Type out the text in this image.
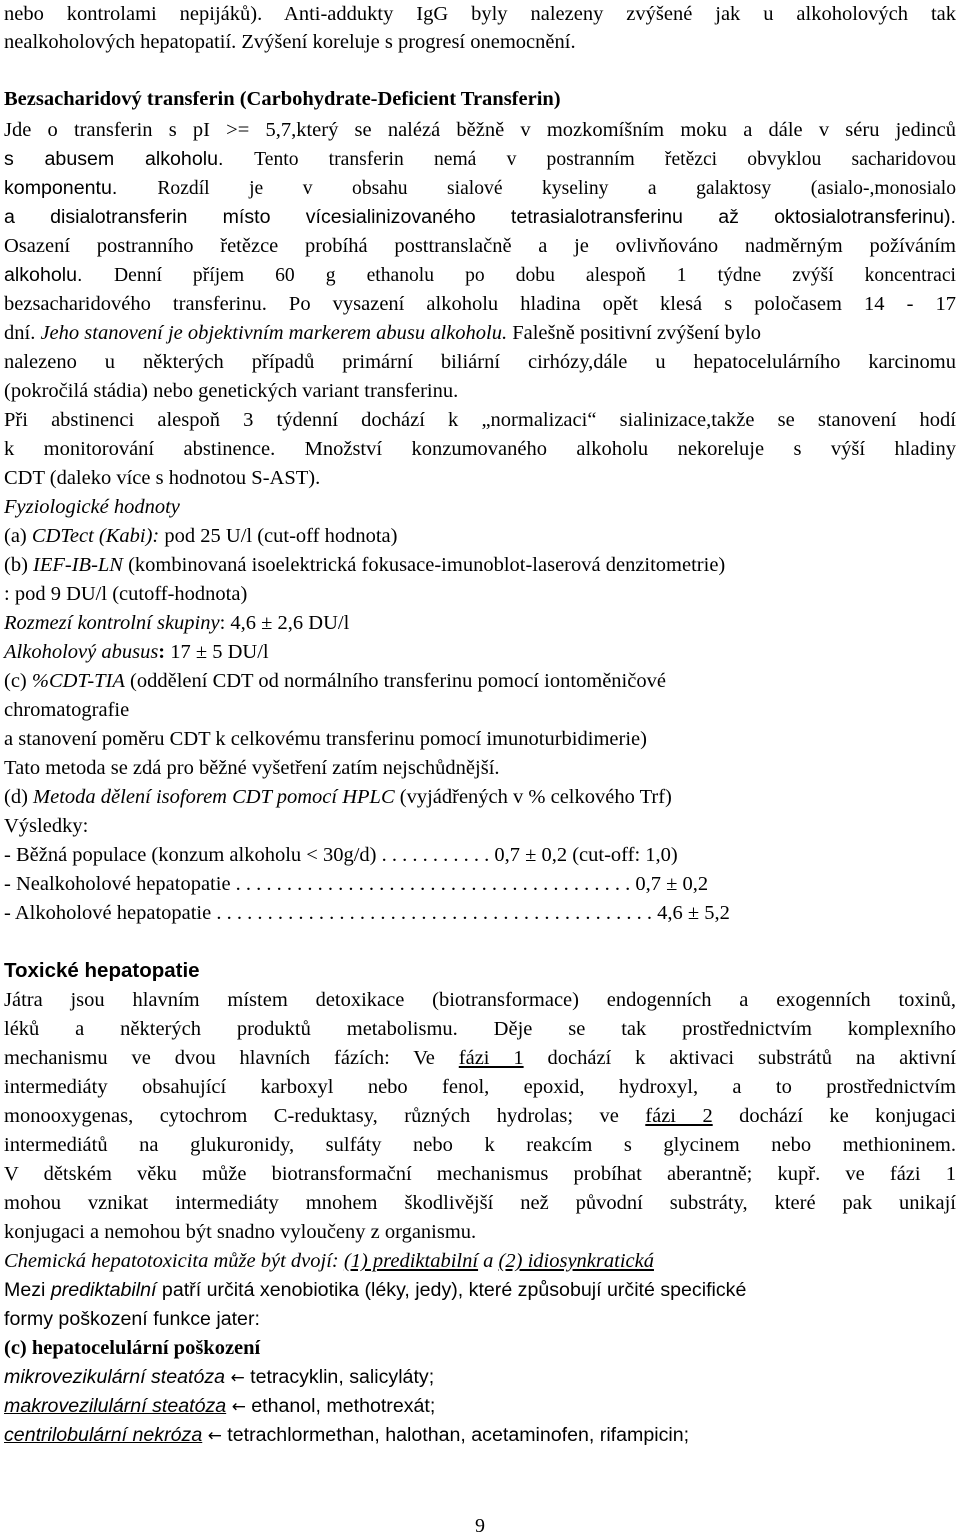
nebo kontrolami nepijáků). Anti-addukty IgG byly nalezeny zvýšené jak u alkoholových tak
nealkoholových hepatopatií. Zvýšení koreluje s progresí onemocnění.
Bezsacharidový transferin (Carbohydrate-Deficient Transferin)
Jde o transferin s pI >= 5,7,který se nalézá běžně v mozkomíšním moku a dále v séru jedinců
s abusem alkoholu. Tento transferin nemá v postranním řetězci obvyklou sacharidovou
komponentu. Rozdíl je v obsahu sialové kyseliny a galaktosy (asialo-,monosialo
a disialotransferin místo vícesialinizovaného tetrasialotransferinu až oktosialotransferinu).
Osazení postranního řetězce probíhá posttranslačně a je ovlivňováno nadměrným požíváním
alkoholu. Denní příjem 60 g ethanolu po dobu alespoň 1 týdne zvýší koncentraci
bezsacharidového transferinu. Po vysazení alkoholu hladina opět klesá s poločasem 14 - 17
dní. Jeho stanovení je objektivním markerem abusu alkoholu. Falešně positivní zvýšení bylo
nalezeno u některých případů primární biliární cirhózy,dále u hepatocelulárního karcinomu
(pokročilá stádia) nebo genetických variant transferinu.
Při abstinenci alespoň 3 týdenní dochází k „normalizaci“ sialinizace,takže se stanovení hodí
k monitorování abstinence. Množství konzumovaného alkoholu nekoreluje s výší hladiny
CDT (daleko více s hodnotou S-AST).
Fyziologické hodnoty
(a) CDTect (Kabi): pod 25 U/l (cut-off hodnota)
(b) IEF-IB-LN (kombinovaná isoelektrická fokusace-imunoblot-laserová denzitometrie)
: pod 9 DU/l (cutoff-hodnota)
Rozmezí kontrolní skupiny: 4,6 ± 2,6 DU/l
Alkoholový abusus: 17 ± 5 DU/l
(c) %CDT-TIA (oddělení CDT od normálního transferinu pomocí iontoměničové
chromatografie
a stanovení poměru CDT k celkovému transferinu pomocí imunoturbidimerie)
Tato metoda se zdá pro běžné vyšetření zatím nejschůdnější.
(d) Metoda dělení isoforem CDT pomocí HPLC (vyjádřených v % celkového Trf)
Výsledky:
- Běžná populace (konzum alkoholu < 30g/d) . . . . . . . . . . . 0,7 ± 0,2 (cut-off: 1,0)
- Nealkoholové hepatopatie . . . . . . . . . . . . . . . . . . . . . . . . . . . . . . . . . . . . . . . 0,7 ± 0,2
- Alkoholové hepatopatie . . . . . . . . . . . . . . . . . . . . . . . . . . . . . . . . . . . . . . . . . . . 4,6 ± 5,2
Toxické hepatopatie
Játra jsou hlavním místem detoxikace (biotransformace) endogenních a exogenních toxinů,
léků a některých produktů metabolismu. Děje se tak prostřednictvím komplexního
mechanismu ve dvou hlavních fázích: Ve fázi 1 dochází k aktivaci substrátů na aktivní
intermediáty obsahující karboxyl nebo fenol, epoxid, hydroxyl, a to prostřednictvím
monooxygenas, cytochrom C-reduktasy, různých hydrolas; ve fázi 2 dochází ke konjugaci
intermediátů na glukuronidy, sulfáty nebo k reakcím s glycinem nebo methioninem.
V dětském věku může biotransformační mechanismus probíhat aberantně; kupř. ve fázi 1
mohou vznikat intermediáty mnohem škodlivější než původní substráty, které pak unikají
konjugaci a nemohou být snadno vyloučeny z organismu.
Chemická hepatotoxicita může být dvojí: (1) prediktabilní a (2) idiosynkratická
Mezi prediktabilní patří určitá xenobiotika (léky, jedy), které způsobují určité specifické
formy poškození funkce jater:
(c) hepatocelulární poškození
mikrovezikulární steatóza ← tetracyklin, salicyláty;
makrovezilulární steatóza ← ethanol, methotrexát;
centrilobulární nekróza ← tetrachlormethan, halothan, acetaminofen, rifampicin;
9
